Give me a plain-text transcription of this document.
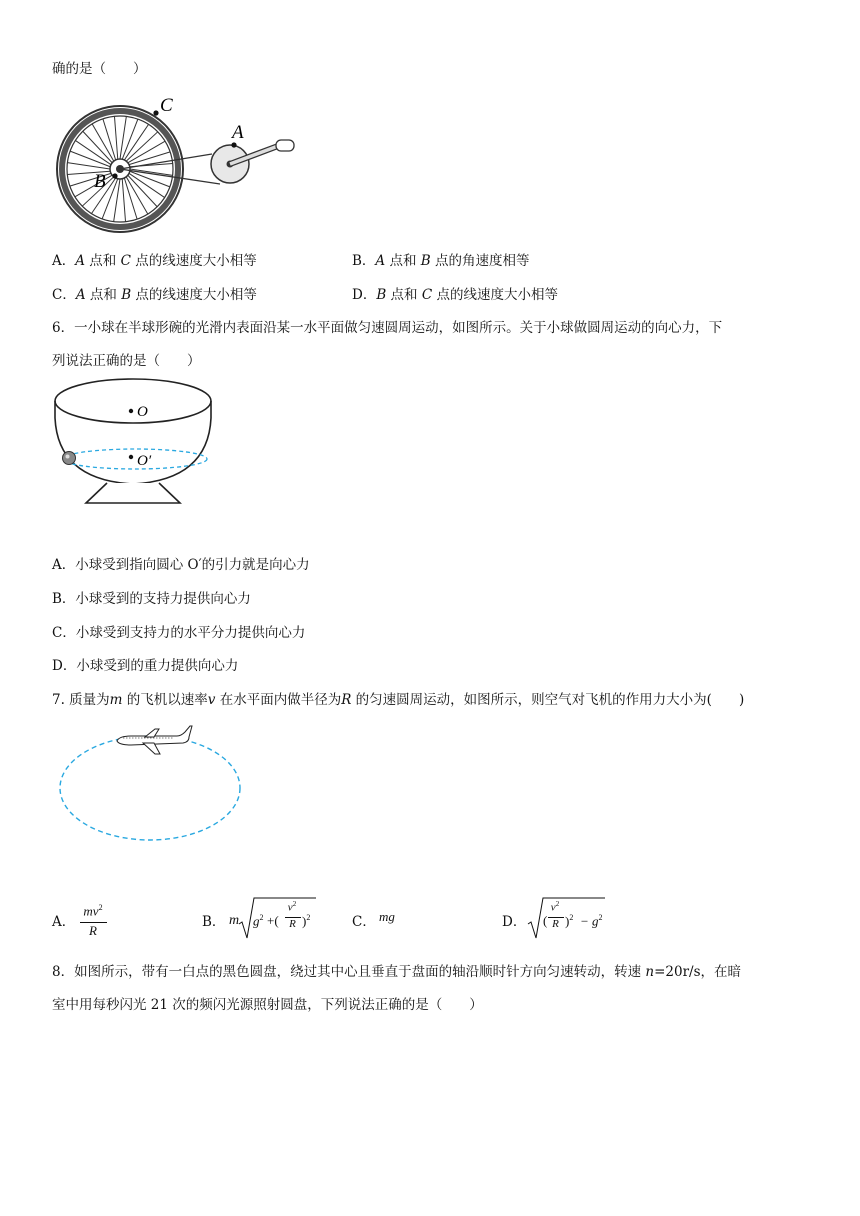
确的是（　　）
C
A
B
A．A 点和 C 点的线速度大小相等	B．A 点和 B 点的角速度相等
C．A 点和 B 点的线速度大小相等	D．B 点和 C 点的线速度大小相等
6．一小球在半球形碗的光滑内表面沿某一水平面做匀速圆周运动，如图所示。关于小球做圆周运动的向心力，下
列说法正确的是（　　）
O
O′
A．小球受到指向圆心 O′的引力就是向心力
B．小球受到的支持力提供向心力
C．小球受到支持力的水平分力提供向心力
D．小球受到的重力提供向心力
7. 质量为m 的飞机以速率v 在水平面内做半径为R 的匀速圆周运动，如图所示，则空气对飞机的作用力大小为(　　)
A．
$mv^2$
R
B． m $g^2$ +(
$v^2$
R )$^2$	C． mg	D． (
$v^2$
R )$^2 - g^2$
8．如图所示，带有一白点的黑色圆盘，绕过其中心且垂直于盘面的轴沿顺时针方向匀速转动，转速 n=20r/s，在暗
室中用每秒闪光 21 次的频闪光源照射圆盘，下列说法正确的是（　　）
